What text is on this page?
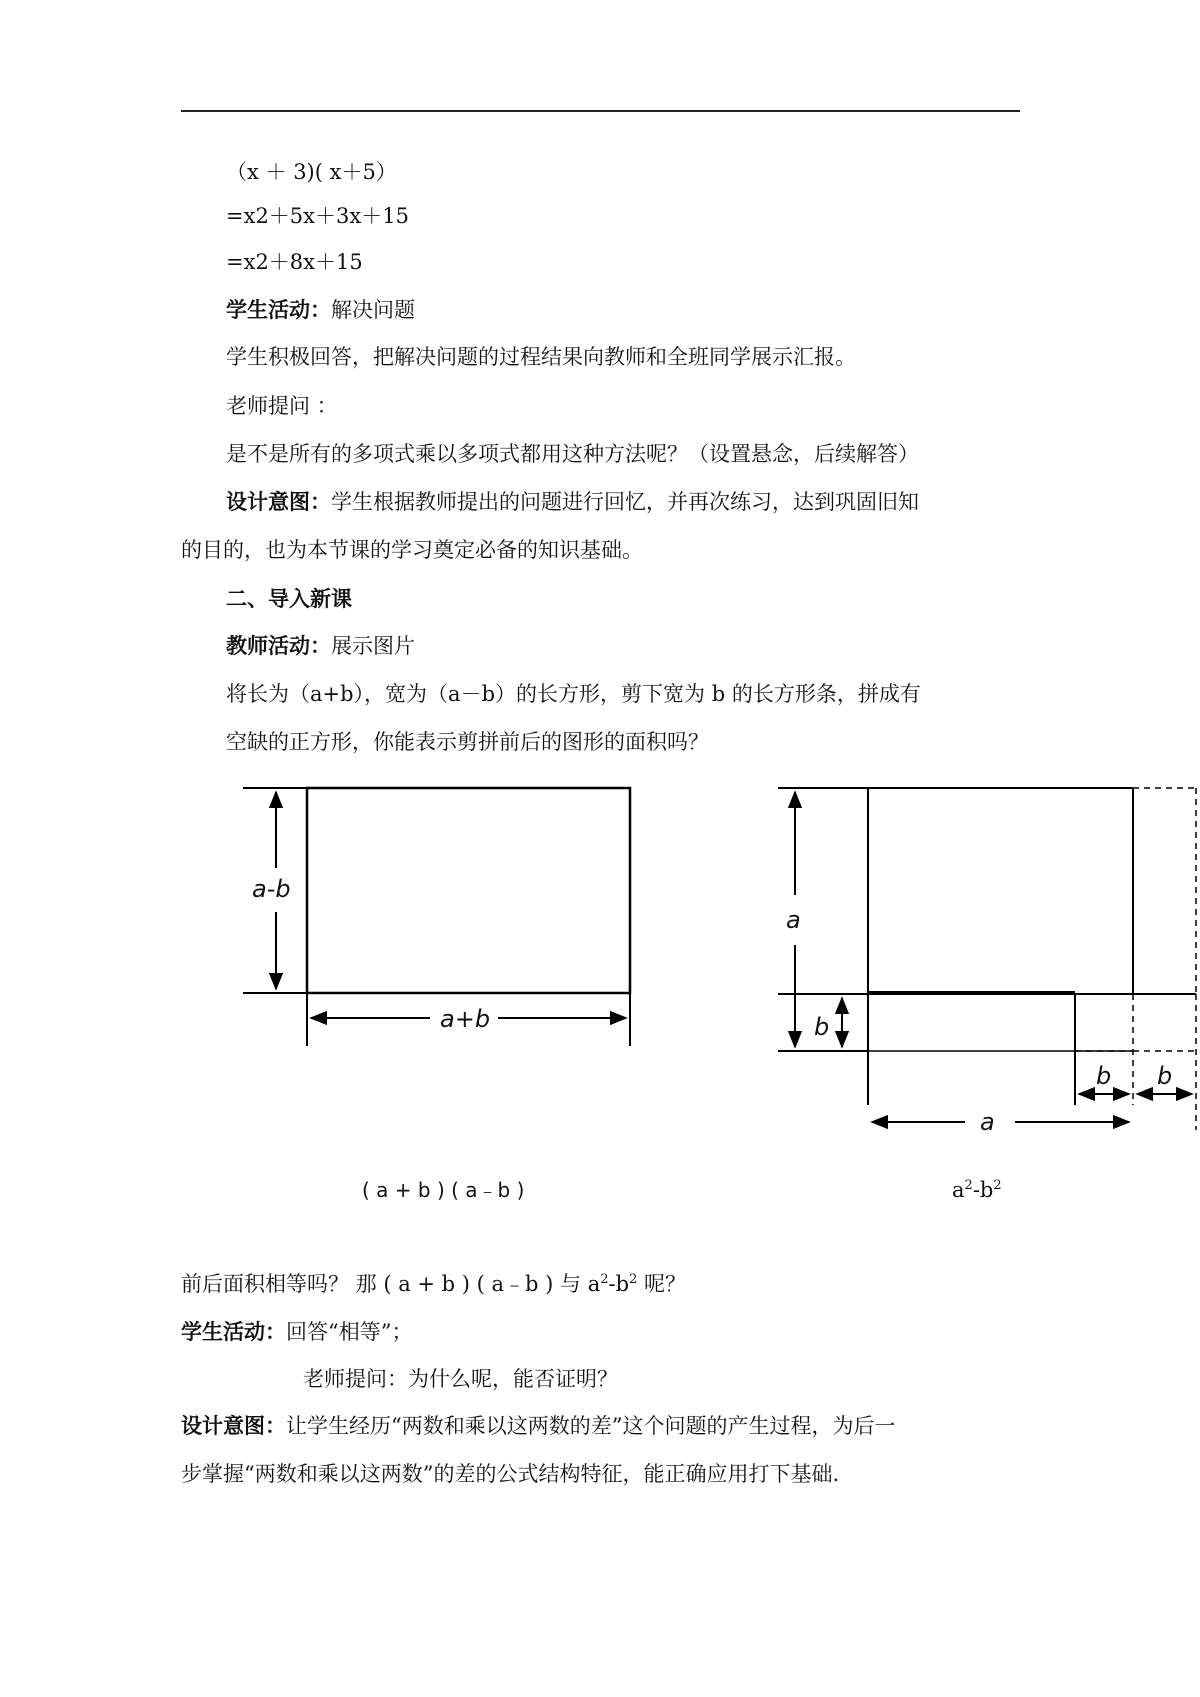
（x ＋ 3)( x＋5）
=x2＋5x＋3x＋15
=x2＋8x＋15
学生活动：解决问题
学生积极回答，把解决问题的过程结果向教师和全班同学展示汇报。
老师提问 ：
是不是所有的多项式乘以多项式都用这种方法呢？（设置悬念，后续解答）
设计意图：学生根据教师提出的问题进行回忆，并再次练习，达到巩固旧知
的目的，也为本节课的学习奠定必备的知识基础。
二、导入新课
教师活动：展示图片
将长为（a+b），宽为（a－b）的长方形，剪下宽为 b 的长方形条，拼成有
空缺的正方形，你能表示剪拼前后的图形的面积吗？
a-b
a+b
a
b
b b
a
( a + b ) ( a﹣b )	$a^2-b^2$
前后面积相等吗？ 那 ( a + b ) ( a﹣b ) 与 $a^2-b^2$ 呢？
学生活动：回答“相等”；
老师提问：为什么呢，能否证明？
设计意图：让学生经历“两数和乘以这两数的差”这个问题的产生过程，为后一
步掌握“两数和乘以这两数”的差的公式结构特征，能正确应用打下基础.
